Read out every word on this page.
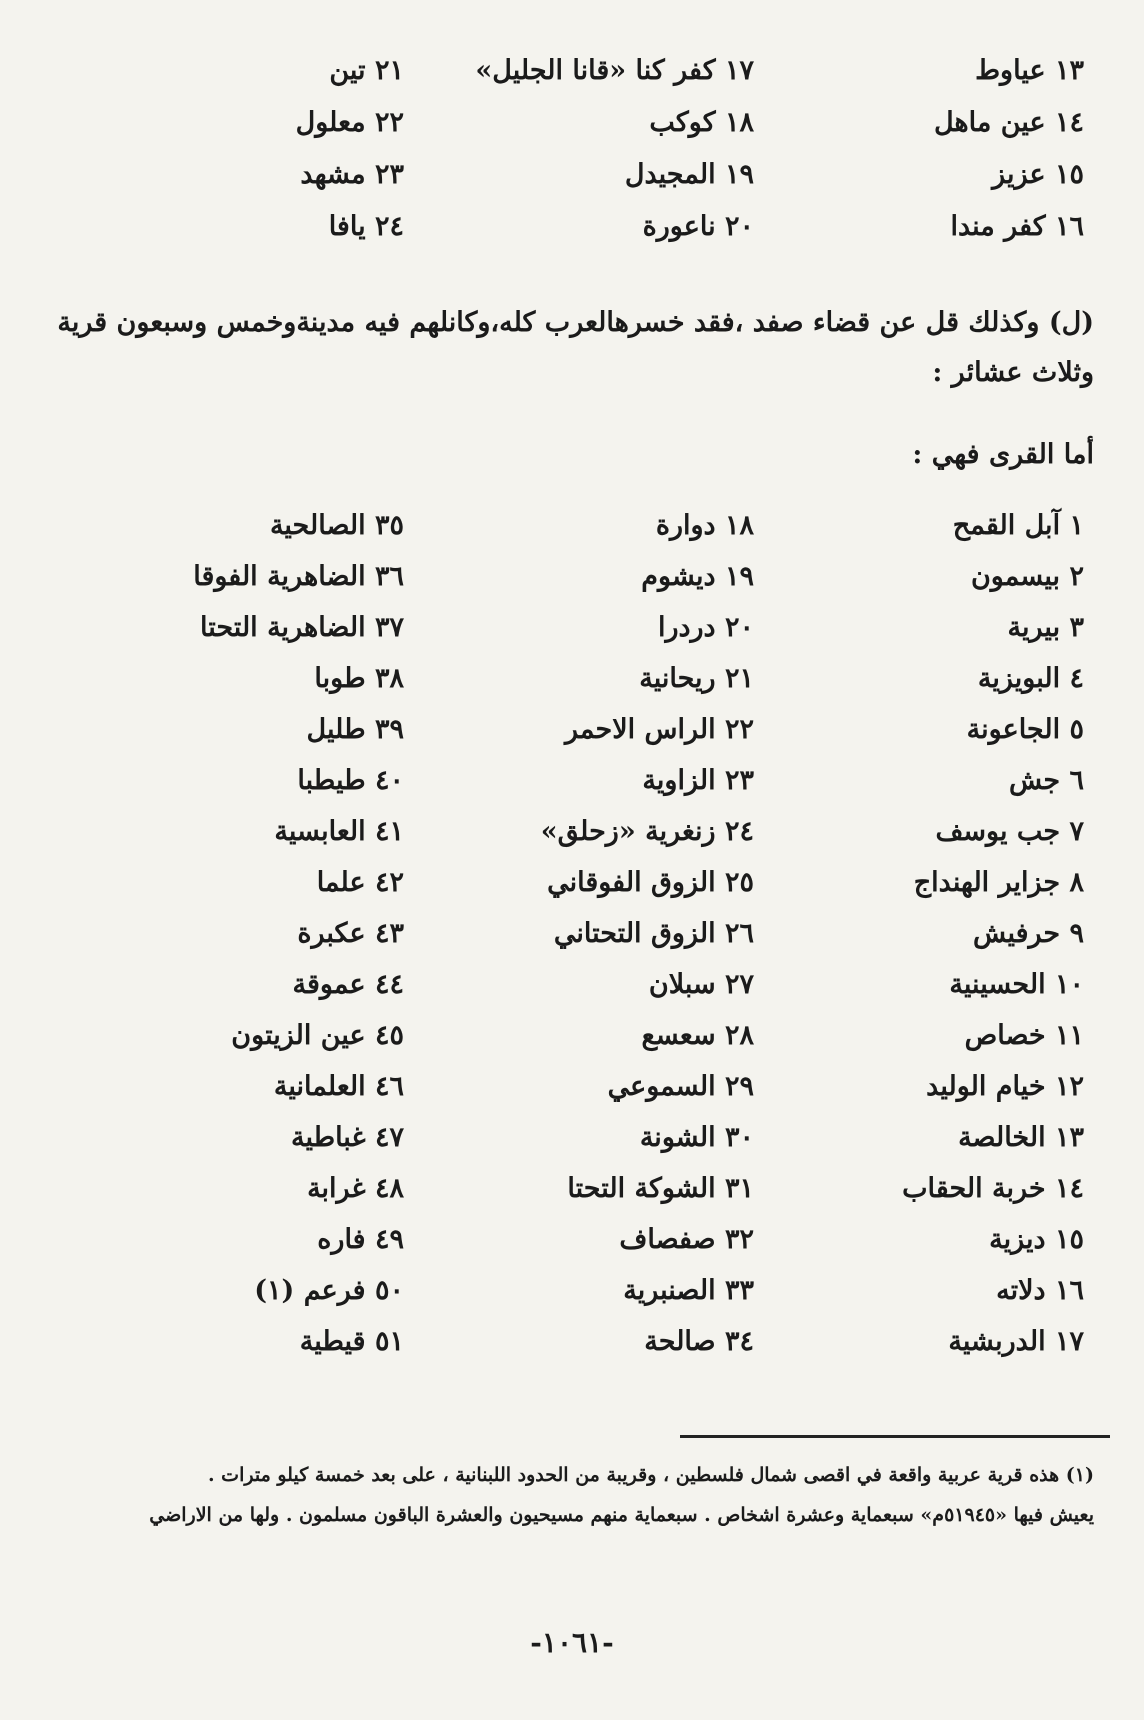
١٣ عياوط
١٤ عين ماهل
١٥ عزيز
١٦ كفر مندا
١٧ كفر كنا «قانا الجليل»
١٨ كوكب
١٩ المجيدل
٢٠ ناعورة
٢١ تين
٢٢ معلول
٢٣ مشهد
٢٤ يافا
(ل) وكذلك قل عن قضاء صفد ،فقد خسرهالعرب كله،وكانلهم فيه مدينةوخمس وسبعون قرية وثلاث عشائر :
أما القرى فهي :
١ آبل القمح
٢ بيسمون
٣ بيرية
٤ البويزية
٥ الجاعونة
٦ جش
٧ جب يوسف
٨ جزاير الهنداج
٩ حرفيش
١٠ الحسينية
١١ خصاص
١٢ خيام الوليد
١٣ الخالصة
١٤ خربة الحقاب
١٥ ديزية
١٦ دلاته
١٧ الدربشية
١٨ دوارة
١٩ ديشوم
٢٠ دردرا
٢١ ريحانية
٢٢ الراس الاحمر
٢٣ الزاوية
٢٤ زنغرية «زحلق»
٢٥ الزوق الفوقاني
٢٦ الزوق التحتاني
٢٧ سبلان
٢٨ سعسع
٢٩ السموعي
٣٠ الشونة
٣١ الشوكة التحتا
٣٢ صفصاف
٣٣ الصنبرية
٣٤ صالحة
٣٥ الصالحية
٣٦ الضاهرية الفوقا
٣٧ الضاهرية التحتا
٣٨ طوبا
٣٩ طليل
٤٠ طيطبا
٤١ العابسية
٤٢ علما
٤٣ عكبرة
٤٤ عموقة
٤٥ عين الزيتون
٤٦ العلمانية
٤٧ غباطية
٤٨ غرابة
٤٩ فاره
٥٠ فرعم (١)
٥١ قيطية
(١) هذه قرية عربية واقعة في اقصى شمال فلسطين ، وقريبة من الحدود اللبنانية ، على بعد خمسة كيلو مترات .
يعيش فيها «٥١٩٤٥م» سبعماية وعشرة اشخاص . سبعماية منهم مسيحيون والعشرة الباقون مسلمون . ولها من الاراضي
-١٠٦١-
